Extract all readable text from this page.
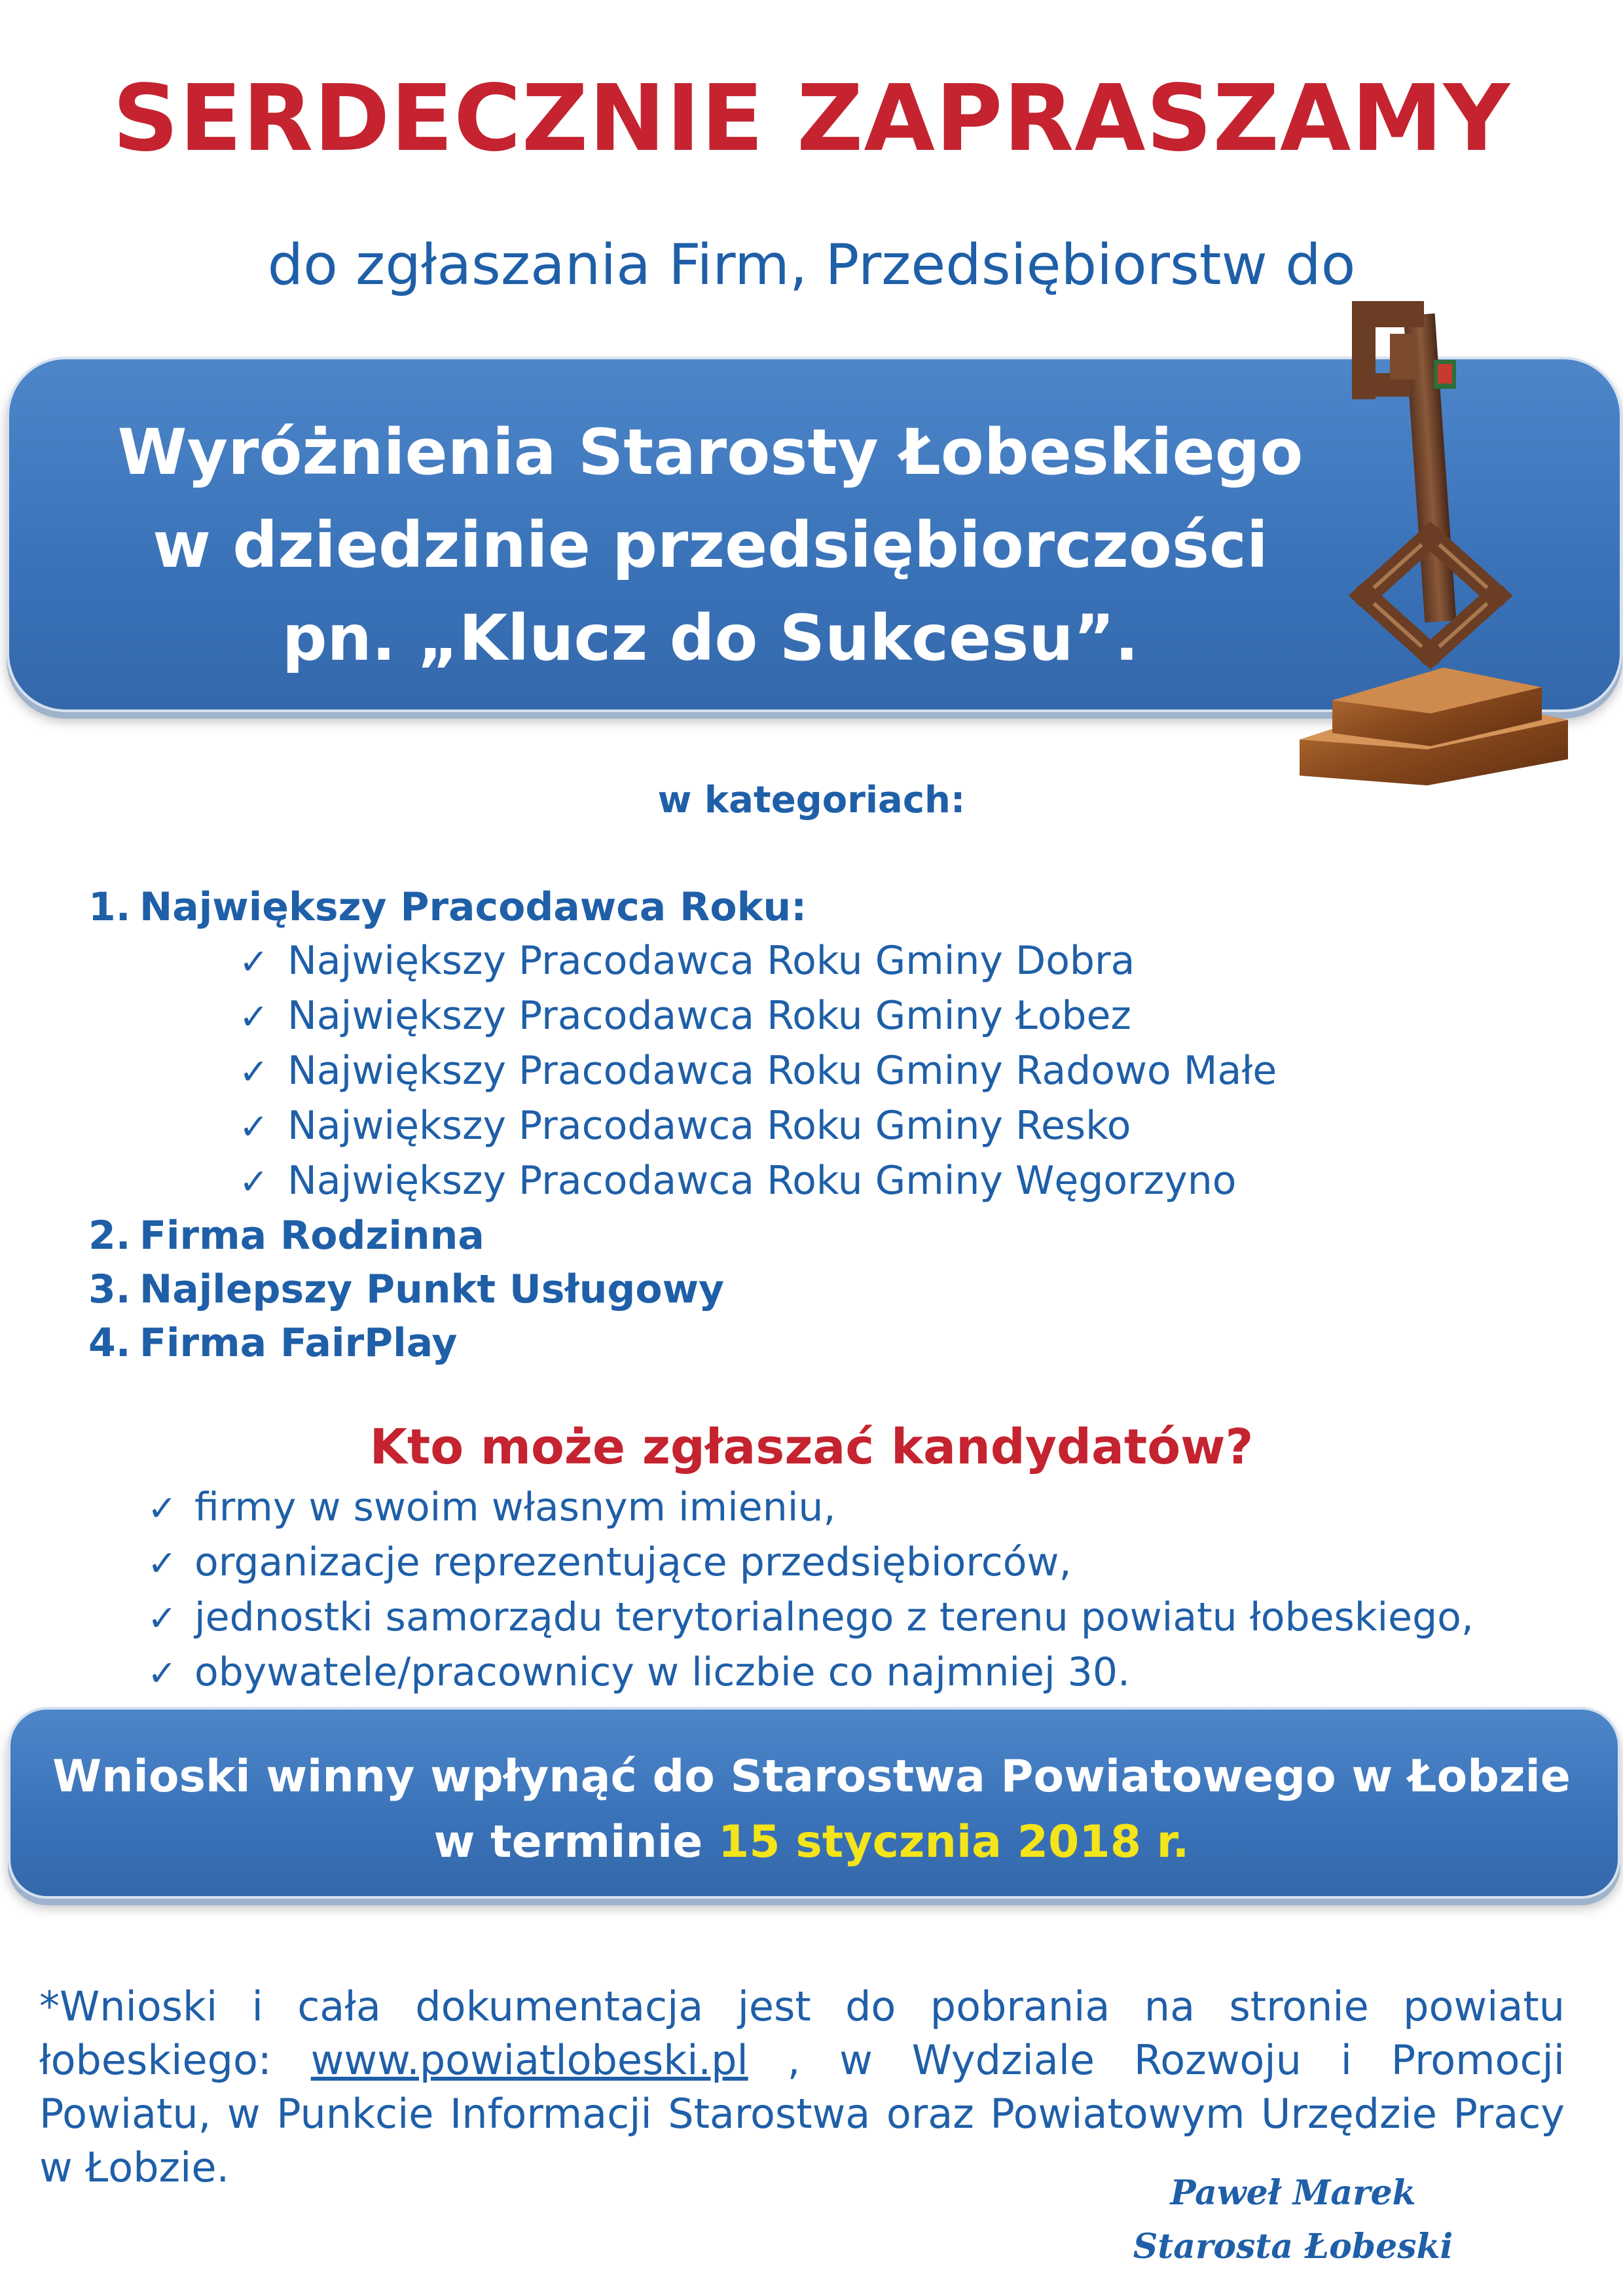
SERDECZNIE ZAPRASZAMY
do zgłaszania Firm, Przedsiębiorstw do
Wyróżnienia Starosty Łobeskiego
w dziedzinie przedsiębiorczości
pn. „Klucz do Sukcesu”.
w kategoriach:
1. Największy Pracodawca Roku:
✓ Największy Pracodawca Roku Gminy Dobra
✓ Największy Pracodawca Roku Gminy Łobez
✓ Największy Pracodawca Roku Gminy Radowo Małe
✓ Największy Pracodawca Roku Gminy Resko
✓ Największy Pracodawca Roku Gminy Węgorzyno
2. Firma Rodzinna
3. Najlepszy Punkt Usługowy
4. Firma FairPlay
Kto może zgłaszać kandydatów?
✓ firmy w swoim własnym imieniu,
✓ organizacje reprezentujące przedsiębiorców,
✓ jednostki samorządu terytorialnego z terenu powiatu łobeskiego,
✓ obywatele/pracownicy w liczbie co najmniej 30.
Wnioski winny wpłynąć do Starostwa Powiatowego w Łobzie
w terminie 15 stycznia 2018 r.
*Wnioski i cała dokumentacja jest do pobrania na stronie powiatu łobeskiego: www.powiatlobeski.pl , w Wydziale Rozwoju i Promocji Powiatu, w Punkcie Informacji Starostwa oraz Powiatowym Urzędzie Pracy w Łobzie.
Paweł Marek
Starosta Łobeski
